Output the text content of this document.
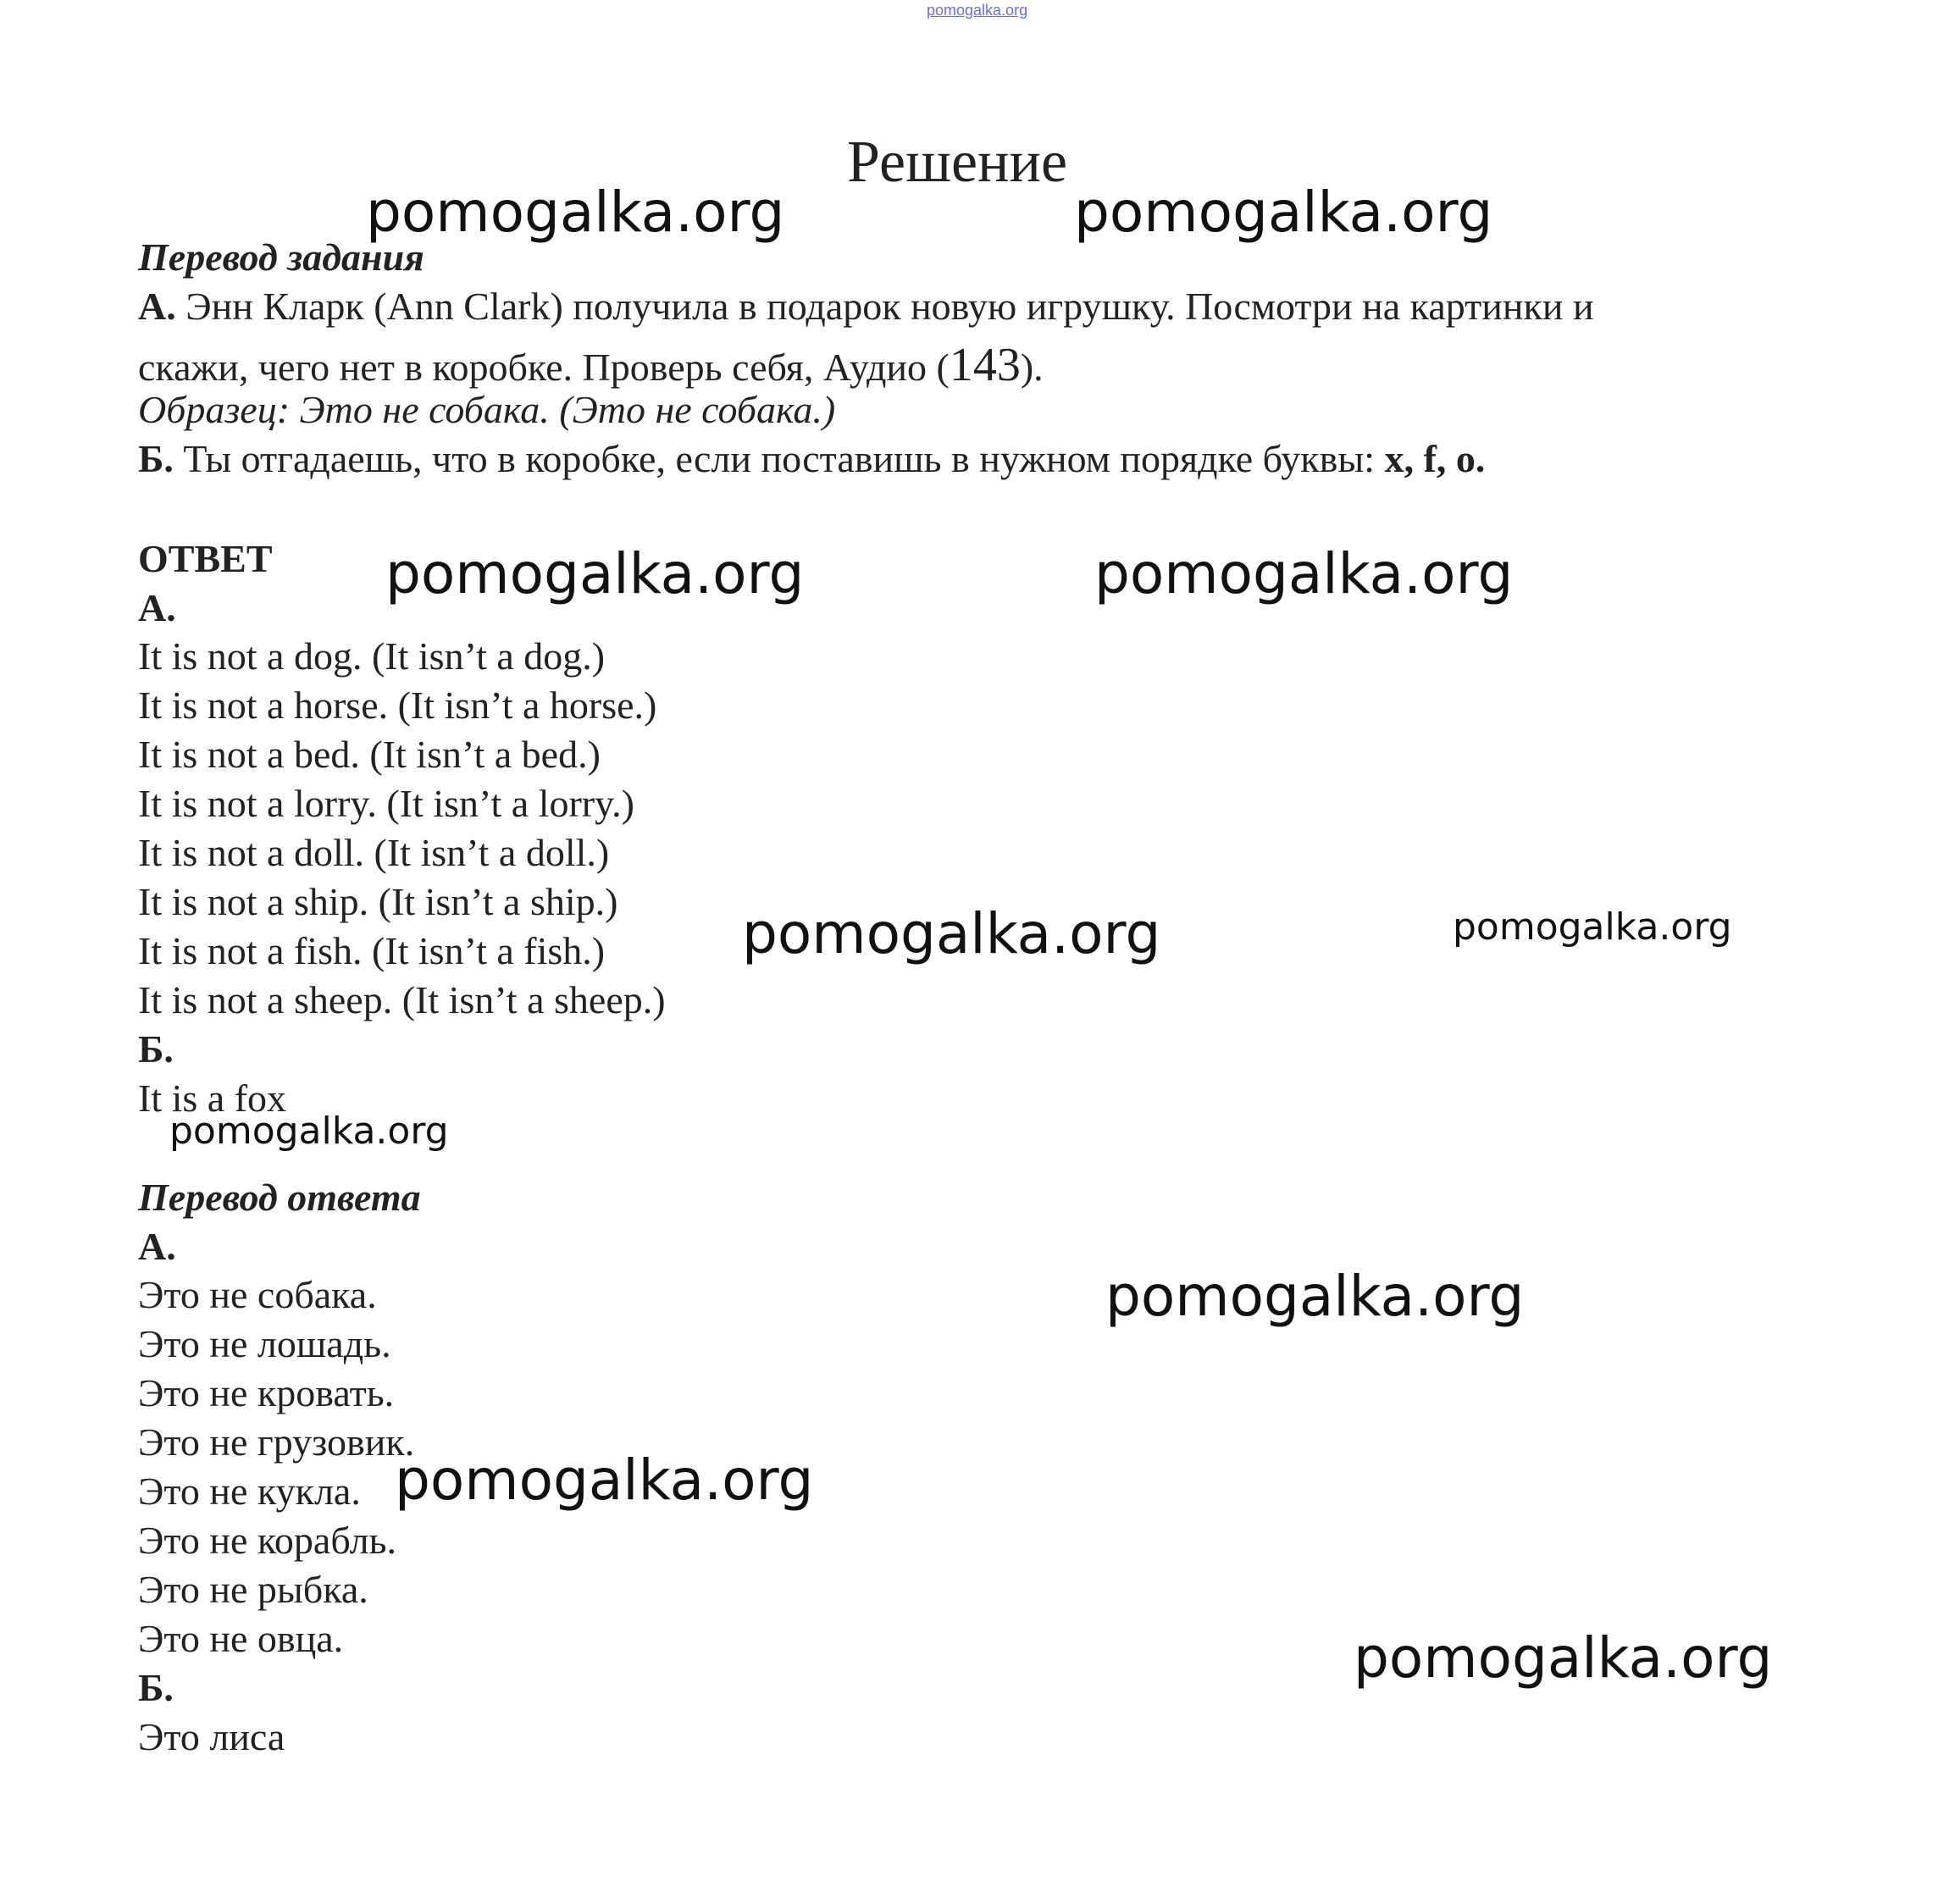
pomogalka.org
Решение
Перевод задания
А. Энн Кларк (Ann Clark) получила в подарок новую игрушку. Посмотри на картинки и
скажи, чего нет в коробке. Проверь себя, Аудио (143).
Образец: Это не собака. (Это не собака.)
Б. Ты отгадаешь, что в коробке, если поставишь в нужном порядке буквы: x, f, o.
ОТВЕТ
А.
It is not a dog. (It isn’t a dog.)
It is not a horse. (It isn’t a horse.)
It is not a bed. (It isn’t a bed.)
It is not a lorry. (It isn’t a lorry.)
It is not a doll. (It isn’t a doll.)
It is not a ship. (It isn’t a ship.)
It is not a fish. (It isn’t a fish.)
It is not a sheep. (It isn’t a sheep.)
Б.
It is a fox
Перевод ответа
А.
Это не собака.
Это не лошадь.
Это не кровать.
Это не грузовик.
Это не кукла.
Это не корабль.
Это не рыбка.
Это не овца.
Б.
Это лиса
pomogalka.org	pomogalka.org
pomogalka.org	pomogalka.org
pomogalka.org	pomogalka.org
pomogalka.org
pomogalka.org
pomogalka.org
pomogalka.org
